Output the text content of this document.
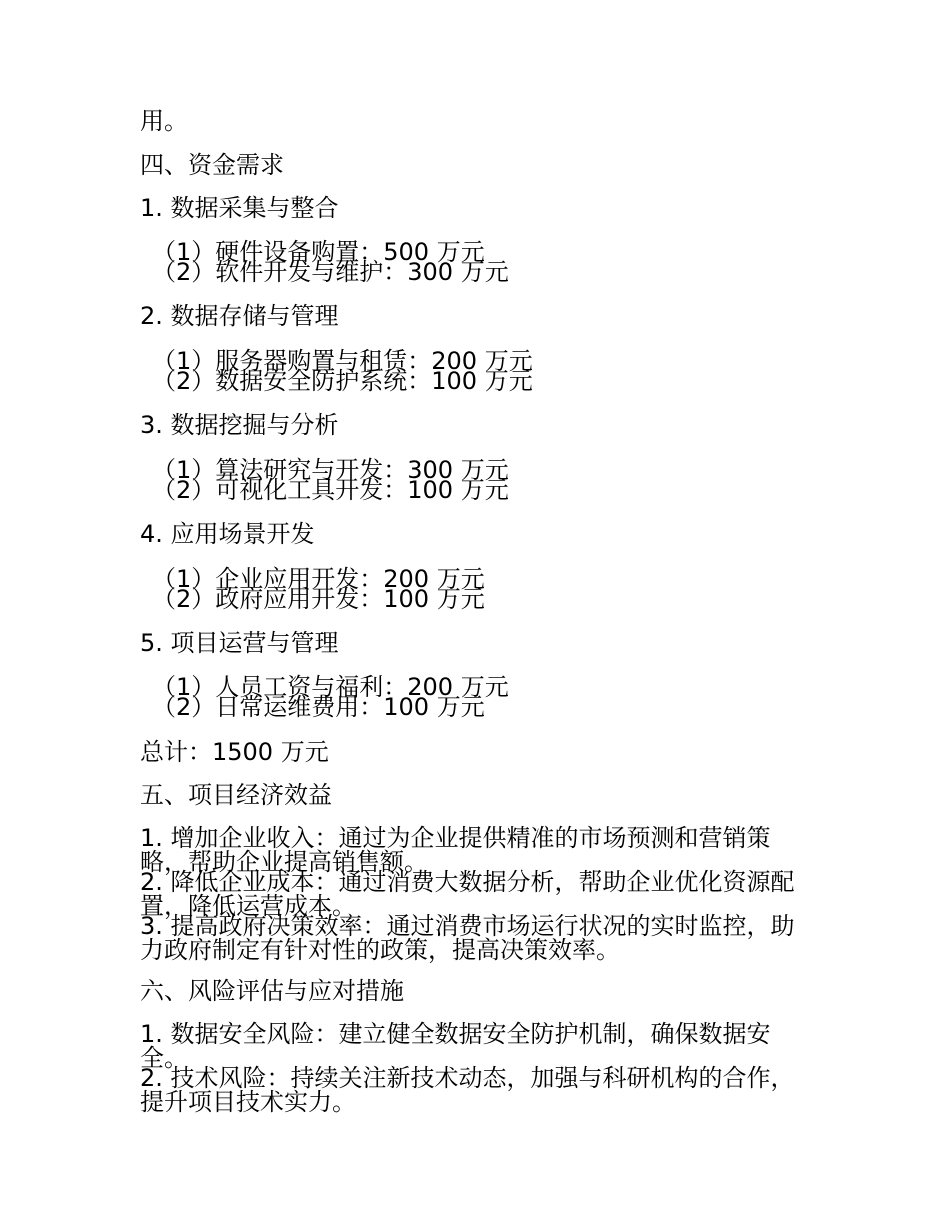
用。

四、资金需求

1. 数据采集与整合

（1）硬件设备购置：500 万元

（2）软件开发与维护：300 万元

2. 数据存储与管理

（1）服务器购置与租赁：200 万元

（2）数据安全防护系统：100 万元

3. 数据挖掘与分析

（1）算法研究与开发：300 万元

（2）可视化工具开发：100 万元

4. 应用场景开发

（1）企业应用开发：200 万元

（2）政府应用开发：100 万元

5. 项目运营与管理

（1）人员工资与福利：200 万元

（2）日常运维费用：100 万元

总计：1500 万元

五、项目经济效益

1. 增加企业收入：通过为企业提供精准的市场预测和营销策略，帮助企业提高销售额。

2. 降低企业成本：通过消费大数据分析，帮助企业优化资源配置，降低运营成本。

3. 提高政府决策效率：通过消费市场运行状况的实时监控，助力政府制定有针对性的政策，提高决策效率。

六、风险评估与应对措施

1. 数据安全风险：建立健全数据安全防护机制，确保数据安全。

2. 技术风险：持续关注新技术动态，加强与科研机构的合作，提升项目技术实力。
